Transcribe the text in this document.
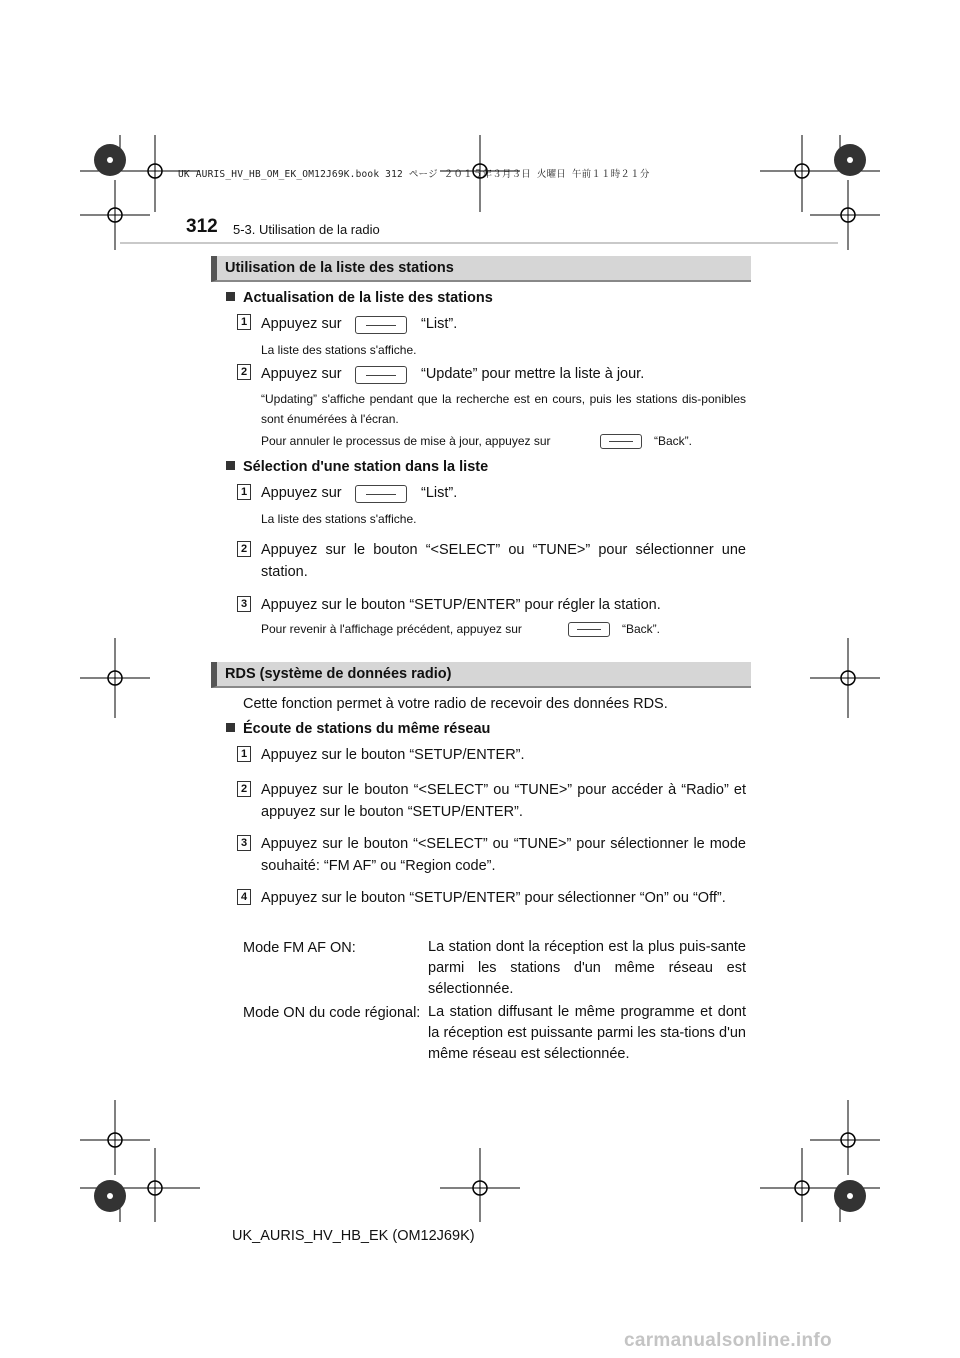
UK AURIS_HV_HB_OM_EK_OM12J69K.book 312 ページ ２０１５年３月３日 火曜日 午前１１時２１分
312 5-3. Utilisation de la radio
Utilisation de la liste des stations
Actualisation de la liste des stations
1 Appuyez sur	“List”.
La liste des stations s'affiche.
2 Appuyez sur	“Update” pour mettre la liste à jour.
“Updating” s'affiche pendant que la recherche est en cours, puis les stations dis-ponibles sont énumérées à l'écran.
Pour annuler le processus de mise à jour, appuyez sur	“Back”.
Sélection d'une station dans la liste
1 Appuyez sur	“List”.
La liste des stations s'affiche.
2 Appuyez sur le bouton “<SELECT” ou “TUNE>” pour sélectionner une station.
3 Appuyez sur le bouton “SETUP/ENTER” pour régler la station.
Pour revenir à l'affichage précédent, appuyez sur	“Back”.
RDS (système de données radio)
Cette fonction permet à votre radio de recevoir des données RDS.
Écoute de stations du même réseau
1 Appuyez sur le bouton “SETUP/ENTER”.
2 Appuyez sur le bouton “<SELECT” ou “TUNE>” pour accéder à “Radio” et appuyez sur le bouton “SETUP/ENTER”.
3 Appuyez sur le bouton “<SELECT” ou “TUNE>” pour sélectionner le mode souhaité: “FM AF” ou “Region code”.
4 Appuyez sur le bouton “SETUP/ENTER” pour sélectionner “On” ou “Off”.
Mode FM AF ON:	La station dont la réception est la plus puis-sante parmi les stations d'un même réseau est sélectionnée.
Mode ON du code régional: La station diffusant le même programme et dont la réception est puissante parmi les sta-tions d'un même réseau est sélectionnée.
UK_AURIS_HV_HB_EK (OM12J69K)
carmanualsonline.info
